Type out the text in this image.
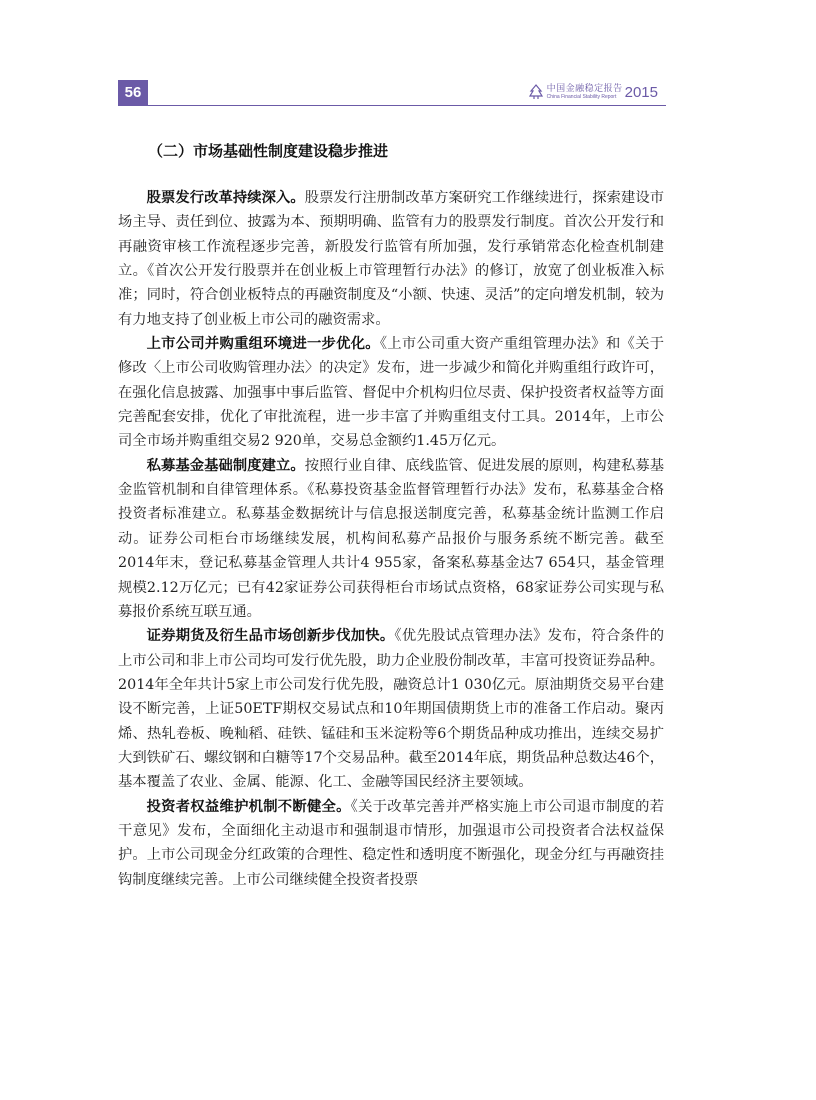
56	中国金融稳定报告
China Financial Stability Report 2015
（二）市场基础性制度建设稳步推进

股票发行改革持续深入。股票发行注册制改革方案研究工作继续进行，探索建设市场主导、责任到位、披露为本、预期明确、监管有力的股票发行制度。首次公开发行和再融资审核工作流程逐步完善，新股发行监管有所加强，发行承销常态化检查机制建立。《首次公开发行股票并在创业板上市管理暂行办法》的修订，放宽了创业板准入标准；同时，符合创业板特点的再融资制度及“小额、快速、灵活”的定向增发机制，较为有力地支持了创业板上市公司的融资需求。

上市公司并购重组环境进一步优化。《上市公司重大资产重组管理办法》和《关于修改〈上市公司收购管理办法〉的决定》发布，进一步减少和简化并购重组行政许可，在强化信息披露、加强事中事后监管、督促中介机构归位尽责、保护投资者权益等方面完善配套安排，优化了审批流程，进一步丰富了并购重组支付工具。2014年，上市公司全市场并购重组交易2 920单，交易总金额约1.45万亿元。

私募基金基础制度建立。按照行业自律、底线监管、促进发展的原则，构建私募基金监管机制和自律管理体系。《私募投资基金监督管理暂行办法》发布，私募基金合格投资者标准建立。私募基金数据统计与信息报送制度完善，私募基金统计监测工作启动。证券公司柜台市场继续发展，机构间私募产品报价与服务系统不断完善。截至2014年末，登记私募基金管理人共计4 955家，备案私募基金达7 654只，基金管理规模2.12万亿元；已有42家证券公司获得柜台市场试点资格，68家证券公司实现与私募报价系统互联互通。

证券期货及衍生品市场创新步伐加快。《优先股试点管理办法》发布，符合条件的上市公司和非上市公司均可发行优先股，助力企业股份制改革，丰富可投资证券品种。2014年全年共计5家上市公司发行优先股，融资总计1 030亿元。原油期货交易平台建设不断完善，上证50ETF期权交易试点和10年期国债期货上市的准备工作启动。聚丙烯、热轧卷板、晚籼稻、硅铁、锰硅和玉米淀粉等6个期货品种成功推出，连续交易扩大到铁矿石、螺纹钢和白糖等17个交易品种。截至2014年底，期货品种总数达46个，基本覆盖了农业、金属、能源、化工、金融等国民经济主要领域。

投资者权益维护机制不断健全。《关于改革完善并严格实施上市公司退市制度的若干意见》发布，全面细化主动退市和强制退市情形，加强退市公司投资者合法权益保护。上市公司现金分红政策的合理性、稳定性和透明度不断强化，现金分红与再融资挂钩制度继续完善。上市公司继续健全投资者投票
